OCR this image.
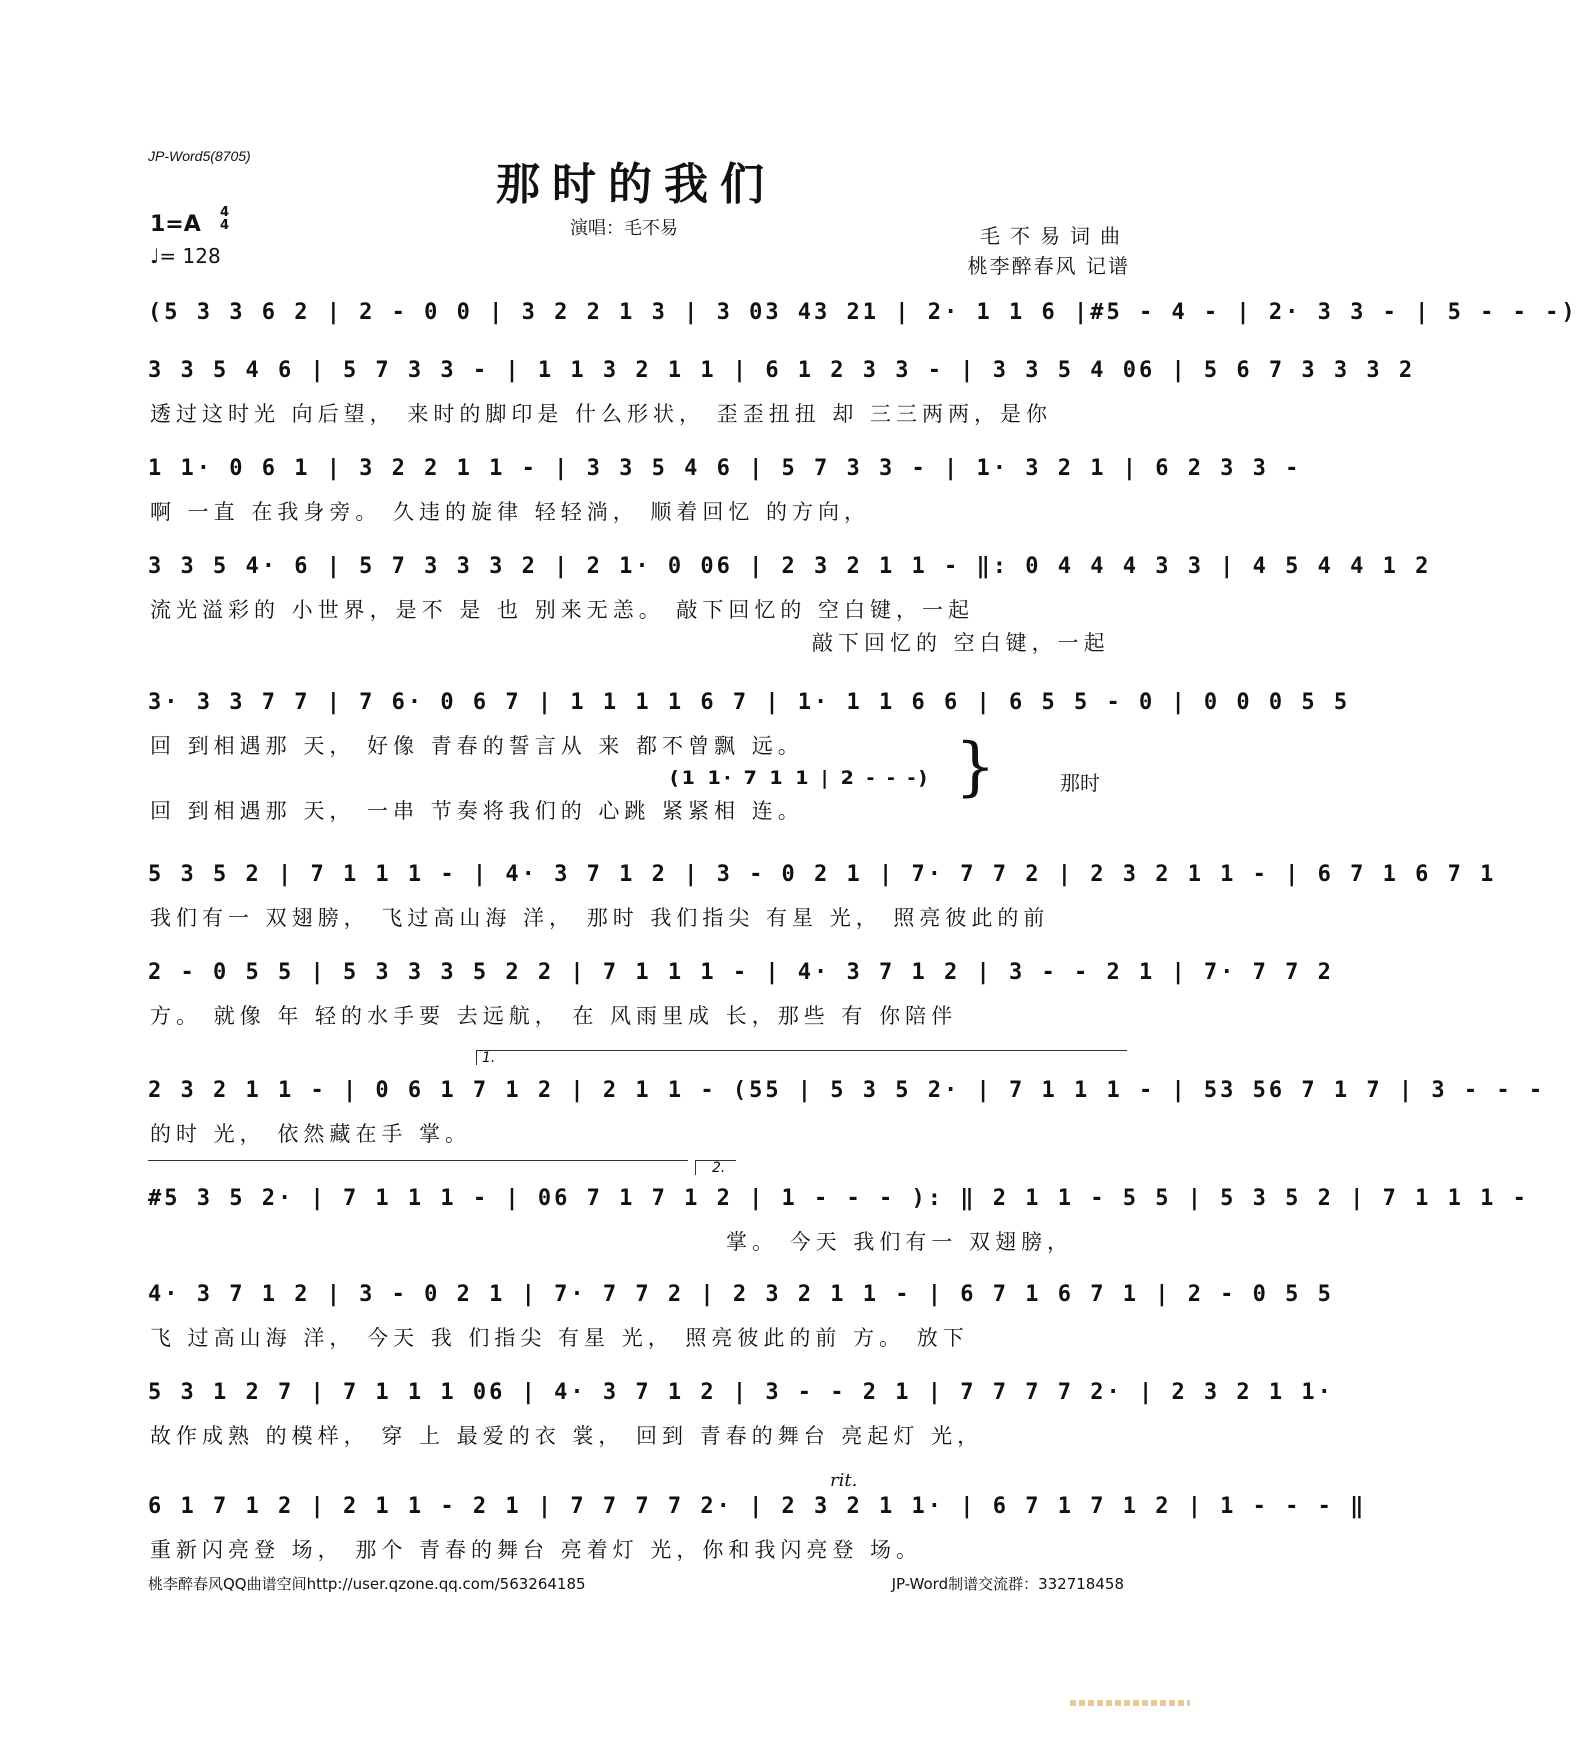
JP-Word5(8705)
那时的我们
1=A 4
4
♩= 128
演唱：毛不易	毛不易词曲
桃李醉春风 记谱
(5 3 3 6 2 | 2 - 0 0 | 3 2 2 1 3 | 3 03 43 21 | 2· 1 1 6 |#5 - 4 - | 2· 3 3 - | 5 - - -)
3 3 5 4 6 | 5 7 3 3 - | 1 1 3 2 1 1 | 6 1 2 3 3 - | 3 3 5 4 06 | 5 6 7 3 3 3 2
透过这时光 向后望， 来时的脚印是 什么形状， 歪歪扭扭 却 三三两两，是你
1 1· 0 6 1 | 3 2 2 1 1 - | 3 3 5 4 6 | 5 7 3 3 - | 1· 3 2 1 | 6 2 3 3 -
啊 一直 在我身旁。 久违的旋律 轻轻淌， 顺着回忆 的方向，
3 3 5 4· 6 | 5 7 3 3 3 2 | 2 1· 0 06 | 2 3 2 1 1 - ‖: 0 4 4 4 3 3 | 4 5 4 4 1 2
流光溢彩的 小世界，是不 是 也 别来无恙。 敲下回忆的 空白键，一起
敲下回忆的 空白键，一起
3· 3 3 7 7 | 7 6· 0 6 7 | 1 1 1 1 6 7 | 1· 1 1 6 6 | 6 5 5 - 0 | 0 0 0 5 5
回 到相遇那 天， 好像 青春的誓言从 来 都不曾飘 远。
(1 1· 7 1 1 | 2 - - -) }	那时
回 到相遇那 天， 一串 节奏将我们的 心跳 紧紧相 连。
5 3 5 2 | 7 1 1 1 - | 4· 3 7 1 2 | 3 - 0 2 1 | 7· 7 7 2 | 2 3 2 1 1 - | 6 7 1 6 7 1
我们有一 双翅膀， 飞过高山海 洋， 那时 我们指尖 有星 光， 照亮彼此的前
2 - 0 5 5 | 5 3 3 3 5 2 2 | 7 1 1 1 - | 4· 3 7 1 2 | 3 - - 2 1 | 7· 7 7 2
方。 就像 年 轻的水手要 去远航， 在 风雨里成 长，那些 有 你陪伴
1.
2 3 2 1 1 - | 0 6 1 7 1 2 | 2 1 1 - (55 | 5 3 5 2· | 7 1 1 1 - | 53 56 7 1 7 | 3 - - -
的时 光， 依然藏在手 掌。
2.
#5 3 5 2· | 7 1 1 1 - | 06 7 1 7 1 2 | 1 - - - ): ‖ 2 1 1 - 5 5 | 5 3 5 2 | 7 1 1 1 -
掌。 今天 我们有一 双翅膀，
4· 3 7 1 2 | 3 - 0 2 1 | 7· 7 7 2 | 2 3 2 1 1 - | 6 7 1 6 7 1 | 2 - 0 5 5
飞 过高山海 洋， 今天 我 们指尖 有星 光， 照亮彼此的前 方。 放下
5 3 1 2 7 | 7 1 1 1 06 | 4· 3 7 1 2 | 3 - - 2 1 | 7 7 7 7 2· | 2 3 2 1 1·
故作成熟 的模样， 穿 上 最爱的衣 裳， 回到 青春的舞台 亮起灯 光，
rit.
6 1 7 1 2 | 2 1 1 - 2 1 | 7 7 7 7 2· | 2 3 2 1 1· | 6 7 1 7 1 2 | 1 - - - ‖
重新闪亮登 场， 那个 青春的舞台 亮着灯 光，你和我闪亮登 场。
桃李醉春风QQ曲谱空间http://user.qzone.qq.com/563264185	JP-Word制谱交流群：332718458
